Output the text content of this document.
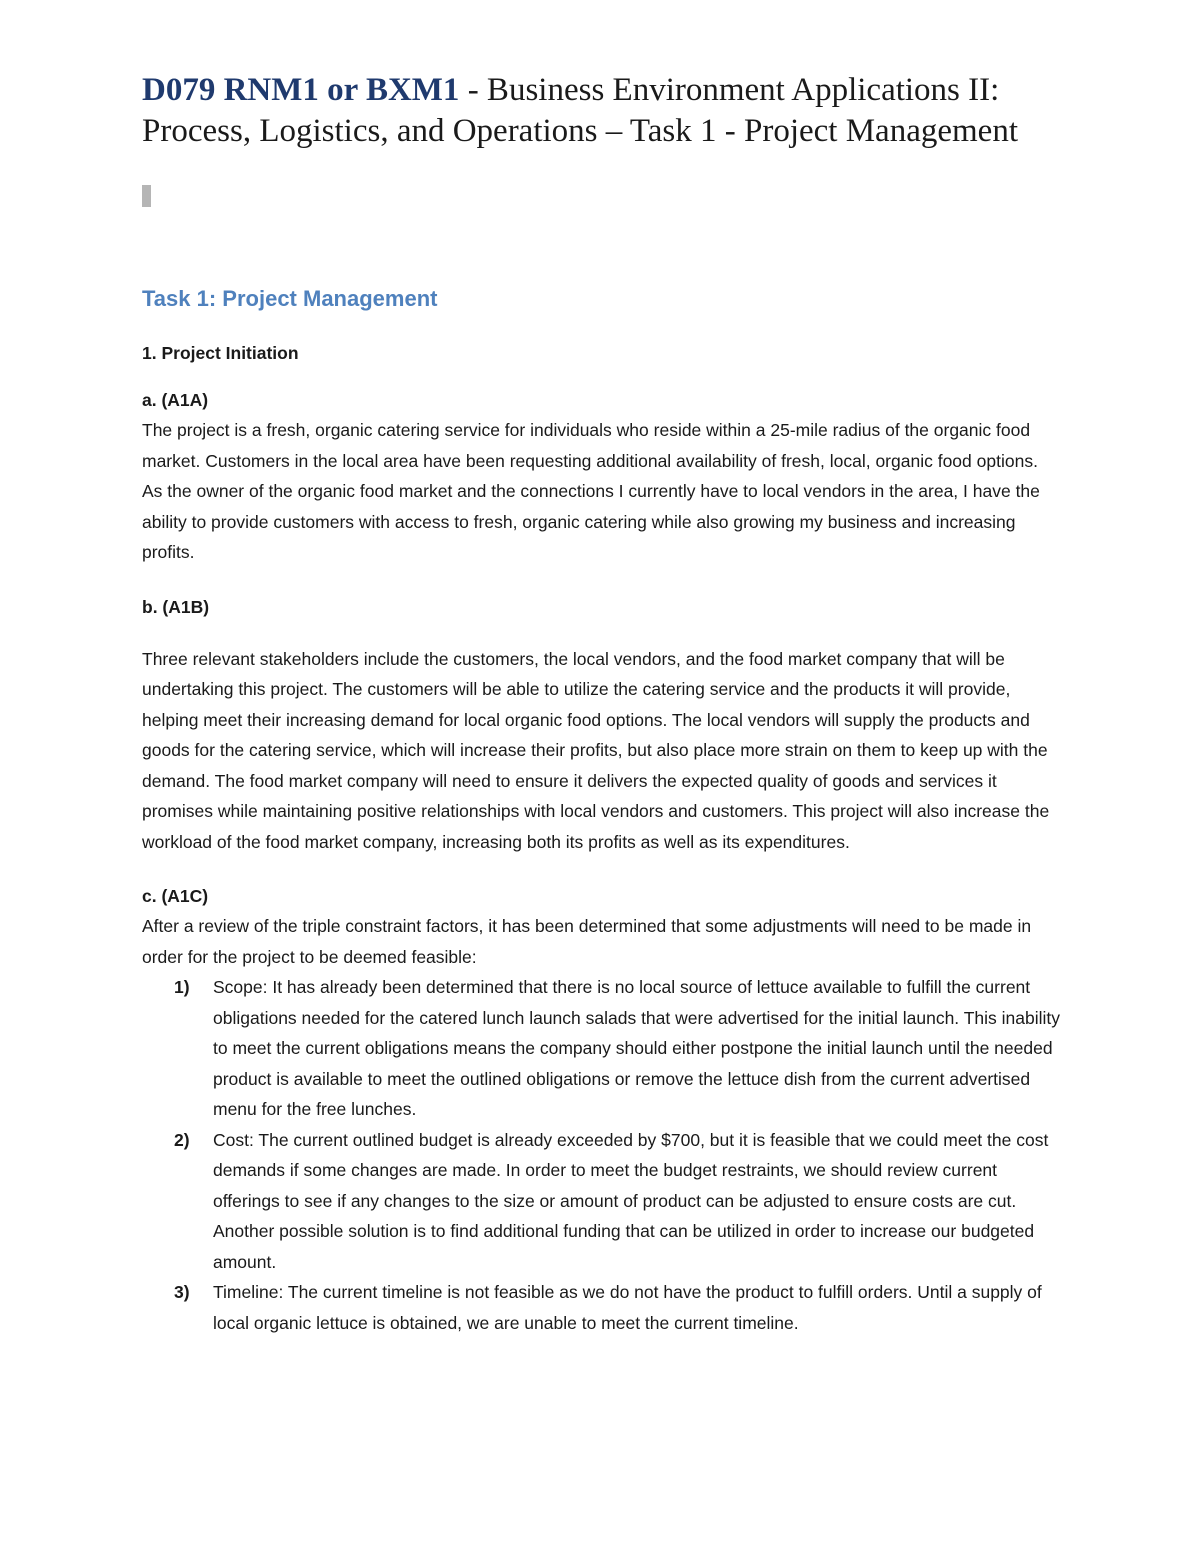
D079 RNM1 or BXM1 - Business Environment Applications II: Process, Logistics, and Operations – Task 1 - Project Management
Task 1: Project Management
1. Project Initiation

a. (A1A)

The project is a fresh, organic catering service for individuals who reside within a 25-mile radius of the organic food market. Customers in the local area have been requesting additional availability of fresh, local, organic food options. As the owner of the organic food market and the connections I currently have to local vendors in the area, I have the ability to provide customers with access to fresh, organic catering while also growing my business and increasing profits.

b. (A1B)

Three relevant stakeholders include the customers, the local vendors, and the food market company that will be undertaking this project. The customers will be able to utilize the catering service and the products it will provide, helping meet their increasing demand for local organic food options. The local vendors will supply the products and goods for the catering service, which will increase their profits, but also place more strain on them to keep up with the demand. The food market company will need to ensure it delivers the expected quality of goods and services it promises while maintaining positive relationships with local vendors and customers. This project will also increase the workload of the food market company, increasing both its profits as well as its expenditures.

c. (A1C)

After a review of the triple constraint factors, it has been determined that some adjustments will need to be made in order for the project to be deemed feasible:

1) Scope: It has already been determined that there is no local source of lettuce available to fulfill the current obligations needed for the catered lunch launch salads that were advertised for the initial launch. This inability to meet the current obligations means the company should either postpone the initial launch until the needed product is available to meet the outlined obligations or remove the lettuce dish from the current advertised menu for the free lunches.
2) Cost: The current outlined budget is already exceeded by $700, but it is feasible that we could meet the cost demands if some changes are made. In order to meet the budget restraints, we should review current offerings to see if any changes to the size or amount of product can be adjusted to ensure costs are cut. Another possible solution is to find additional funding that can be utilized in order to increase our budgeted amount.
3) Timeline: The current timeline is not feasible as we do not have the product to fulfill orders. Until a supply of local organic lettuce is obtained, we are unable to meet the current timeline.
